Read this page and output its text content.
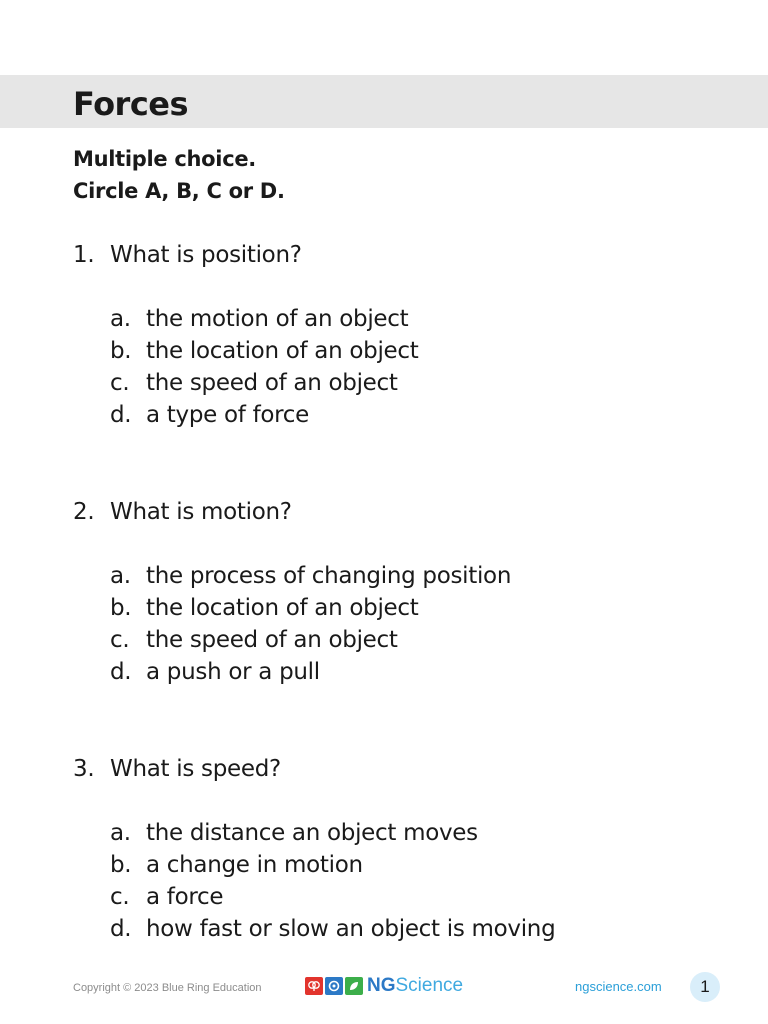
Forces
Multiple choice.
Circle A, B, C or D.
1. What is position?
a. the motion of an object
b. the location of an object
c. the speed of an object
d. a type of force
2. What is motion?
a. the process of changing position
b. the location of an object
c. the speed of an object
d. a push or a pull
3. What is speed?
a. the distance an object moves
b. a change in motion
c. a force
d. how fast or slow an object is moving
Copyright © 2023 Blue Ring Education	NGScience	ngscience.com	1
